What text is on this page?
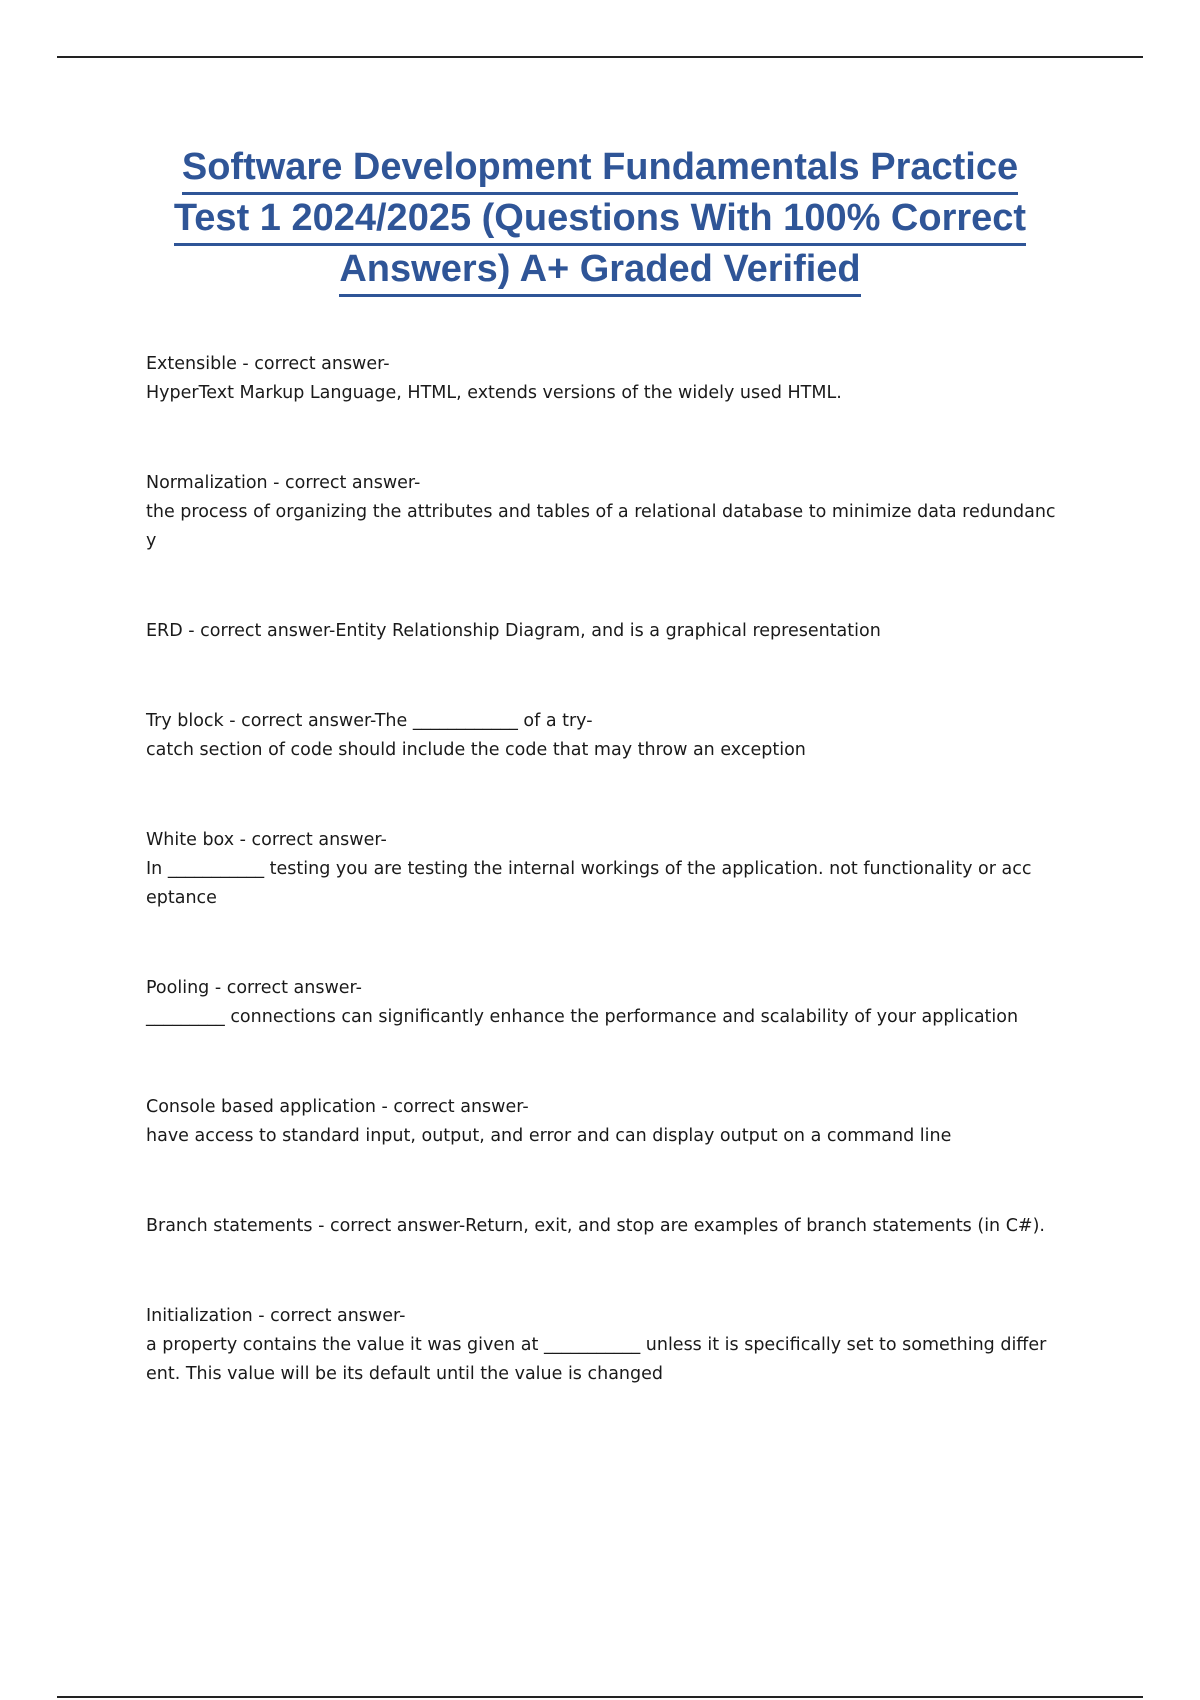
Software Development Fundamentals Practice
Test 1 2024/2025 (Questions With 100% Correct
Answers) A+ Graded Verified

Extensible - correct answer-

HyperText Markup Language, HTML, extends versions of the widely used HTML.

Normalization - correct answer-

the process of organizing the attributes and tables of a relational database to minimize data redundanc

y

ERD - correct answer-Entity Relationship Diagram, and is a graphical representation

Try block - correct answer-The ____________ of a try-

catch section of code should include the code that may throw an exception

White box - correct answer-

In ___________ testing you are testing the internal workings of the application. not functionality or acc

eptance

Pooling - correct answer-

_________ connections can significantly enhance the performance and scalability of your application

Console based application - correct answer-

have access to standard input, output, and error and can display output on a command line

Branch statements - correct answer-Return, exit, and stop are examples of branch statements (in C#).

Initialization - correct answer-

a property contains the value it was given at ___________ unless it is specifically set to something differ

ent. This value will be its default until the value is changed
